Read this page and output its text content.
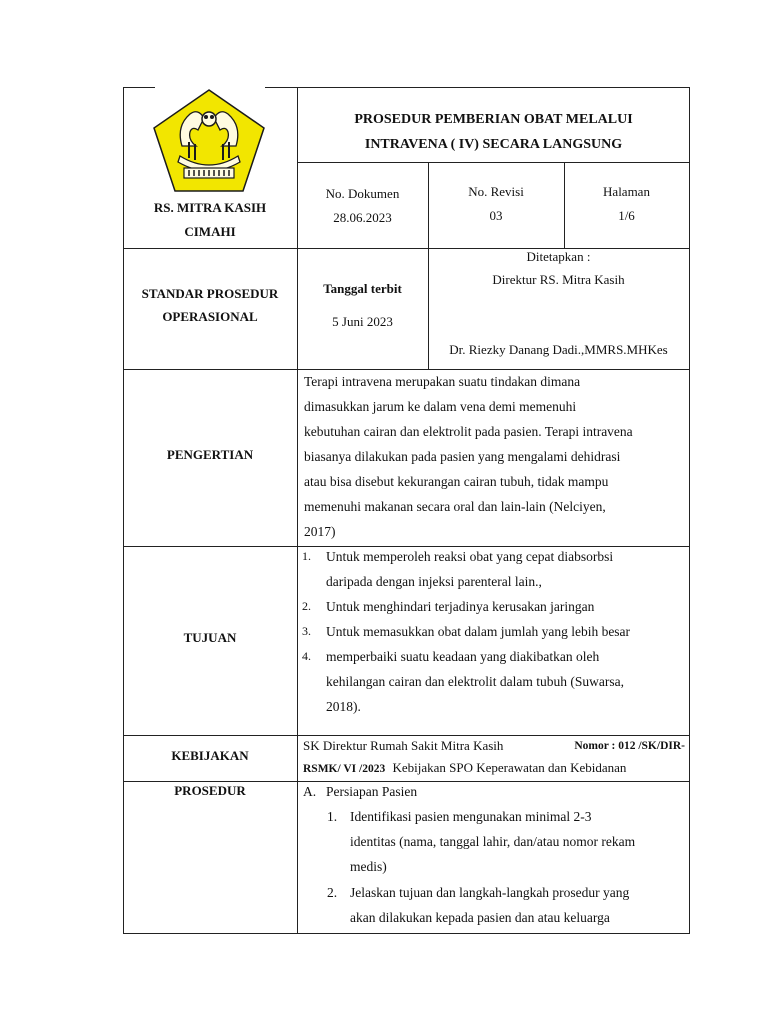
PROSEDUR PEMBERIAN OBAT MELALUI
INTRAVENA ( IV) SECARA LANGSUNG
RS. MITRA KASIH
CIMAHI
No. Dokumen
28.06.2023
No. Revisi
03
Halaman
1/6
STANDAR PROSEDUR
OPERASIONAL
Tanggal terbit
5 Juni 2023
Ditetapkan :
Direktur RS. Mitra Kasih
Dr. Riezky Danang Dadi.,MMRS.MHKes
PENGERTIAN
Terapi intravena merupakan suatu tindakan dimana
dimasukkan jarum ke dalam vena demi memenuhi
kebutuhan cairan dan elektrolit pada pasien. Terapi intravena
biasanya dilakukan pada pasien yang mengalami dehidrasi
atau bisa disebut kekurangan cairan tubuh, tidak mampu
memenuhi makanan secara oral dan lain-lain (Nelciyen,
2017)
TUJUAN
1. Untuk memperoleh reaksi obat yang cepat diabsorbsi
daripada dengan injeksi parenteral lain.,
2. Untuk menghindari terjadinya kerusakan jaringan
3. Untuk memasukkan obat dalam jumlah yang lebih besar
4. memperbaiki suatu keadaan yang diakibatkan oleh
kehilangan cairan dan elektrolit dalam tubuh (Suwarsa,
2018).
KEBIJAKAN
SK Direktur Rumah Sakit Mitra Kasih	Nomor : 012 /SK/DIR-
RSMK/ VI /2023 Kebijakan SPO Keperawatan dan Kebidanan
PROSEDUR	A. Persiapan Pasien
1. Identifikasi pasien mengunakan minimal 2-3
identitas (nama, tanggal lahir, dan/atau nomor rekam
medis)
2. Jelaskan tujuan dan langkah-langkah prosedur yang
akan dilakukan kepada pasien dan atau keluarga
